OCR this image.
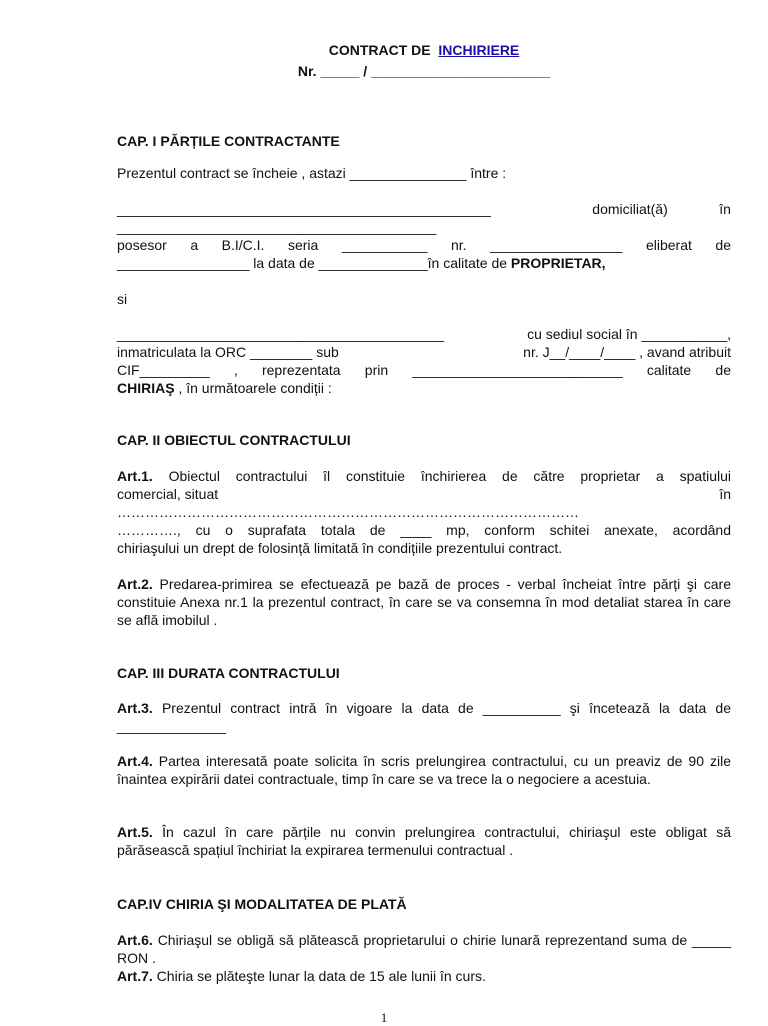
CONTRACT DE INCHIRIERE
Nr. _____ / _______________________
CAP. I PĂRȚILE CONTRACTANTE
Prezentul contract se încheie , astazi _______________ între :
________________________________________________	domiciliat(ă)	în
_________________________________________
posesor a B.I/C.I. seria ___________ nr. _________________ eliberat de
_________________ la data de ______________în calitate de PROPRIETAR,
si
__________________________________________	cu sediul social în ___________,
inmatriculata la ORC ________ sub	nr. J__/____/____ , avand atribuit
CIF_________ , reprezentata prin ___________________________ calitate de
CHIRIAŞ , în următoarele condiții :
CAP. II OBIECTUL CONTRACTULUI
Art.1. Obiectul contractului îl constituie închirierea de către proprietar a spatiului
comercial, situat	în
………………………………………………………………………………………
…………., cu o suprafata totala de ____ mp, conform schitei anexate, acordând
chiriaşului un drept de folosință limitată în condițiile prezentului contract.
Art.2. Predarea-primirea se efectuează pe bază de proces - verbal încheiat între părți şi care constituie Anexa nr.1 la prezentul contract, în care se va consemna în mod detaliat starea în care se află imobilul .
CAP. III DURATA CONTRACTULUI
Art.3. Prezentul contract intră în vigoare la data de __________ şi încetează la data de
______________
Art.4. Partea interesată poate solicita în scris prelungirea contractului, cu un preaviz de 90 zile înaintea expirării datei contractuale, timp în care se va trece la o negociere a acestuia.
Art.5. În cazul în care părțile nu convin prelungirea contractului, chiriaşul este obligat să părăsească spațiul închiriat la expirarea termenului contractual .
CAP.IV CHIRIA ŞI MODALITATEA DE PLATĂ
Art.6. Chiriaşul se obligă să plătească proprietarului o chirie lunară reprezentand suma de _____ RON .
Art.7. Chiria se plăteşte lunar la data de 15 ale lunii în curs.
1
